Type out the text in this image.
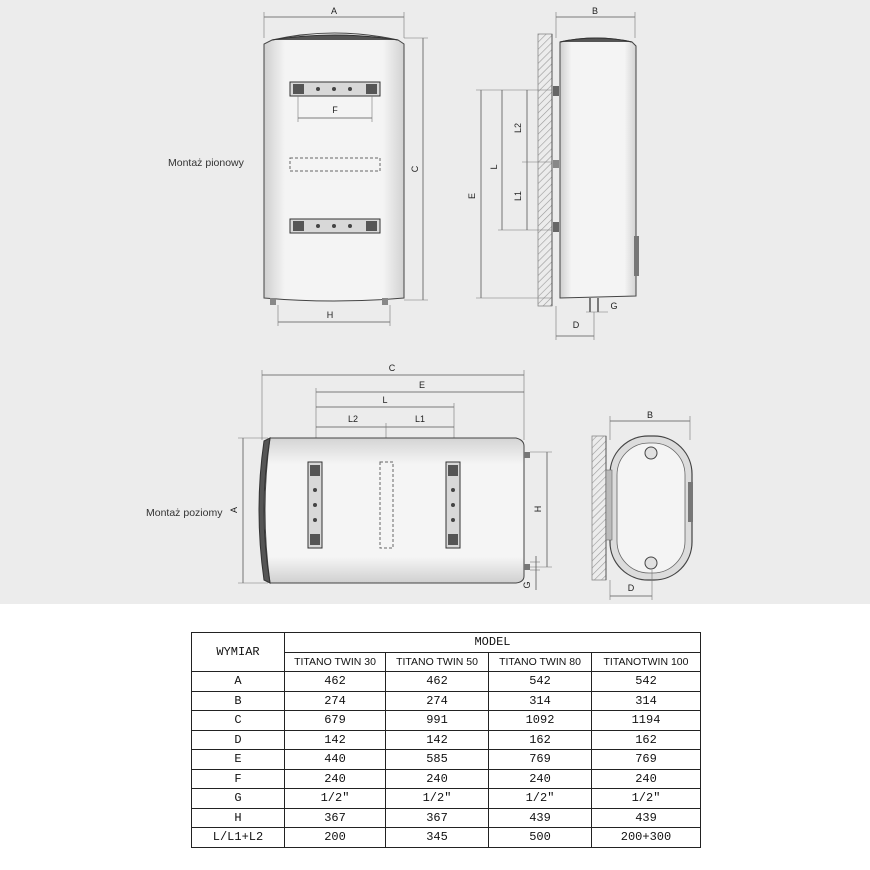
A
F
C
H
Montaż pionowy
B
E
L
L2
L1
D
G
C
E
L
L2	L1
A	H
G
Montaż poziomy
B
D
WYMIAR	MODEL			
	TITANO TWIN 30	TITANO TWIN 50	TITANO TWIN 80	TITANOTWIN 100
A	462	462	542	542
B	274	274	314	314
C	679	991	1092	1194
D	142	142	162	162
E	440	585	769	769
F	240	240	240	240
G	1/2"	1/2"	1/2"	1/2"
H	367	367	439	439
L/L1+L2	200	345	500	200+300
